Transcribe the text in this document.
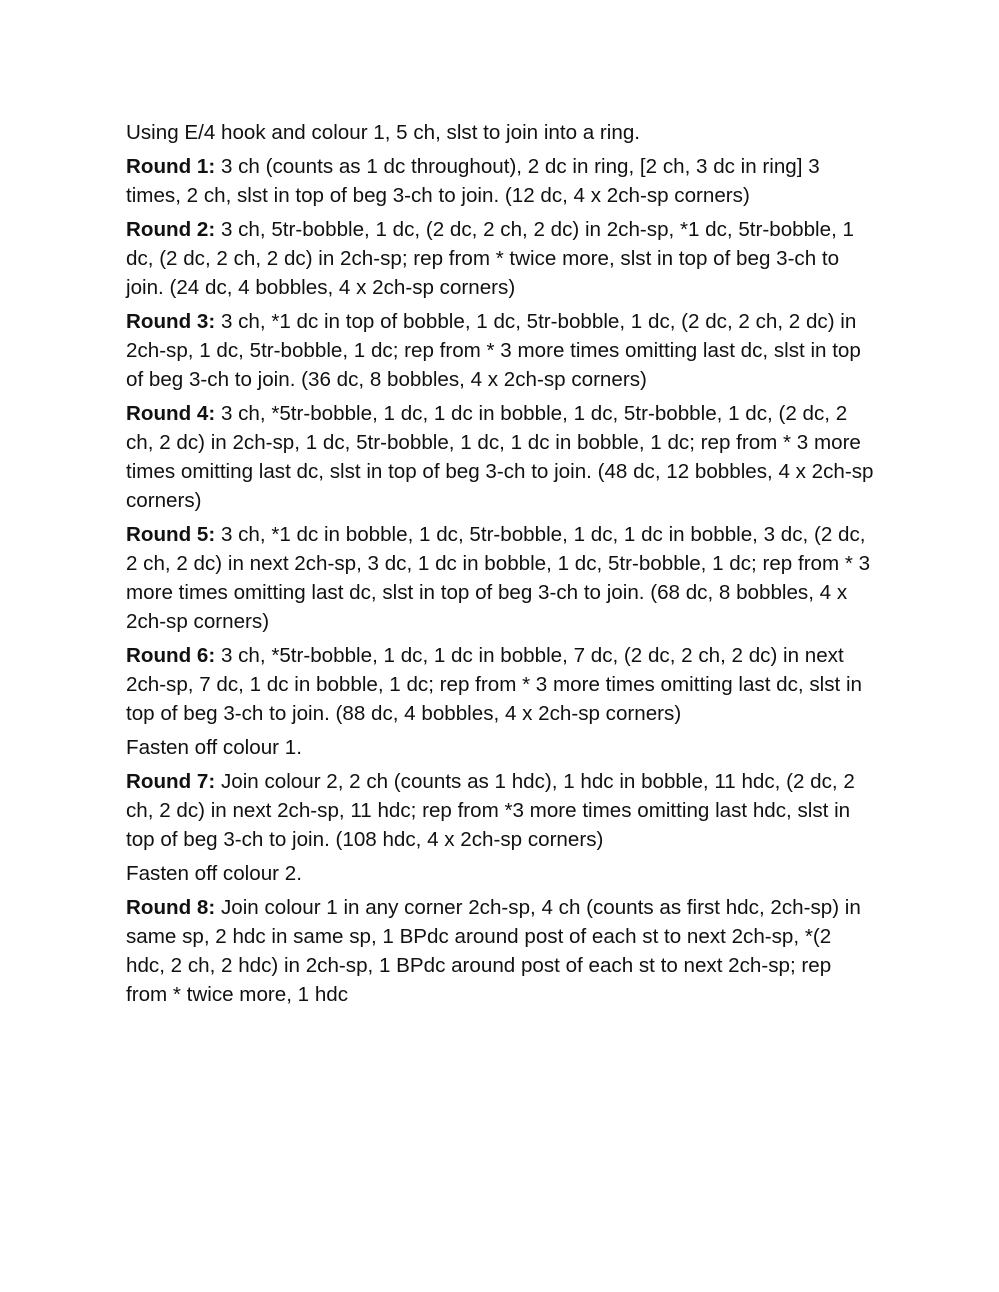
Using E/4 hook and colour 1, 5 ch, slst to join into a ring.

Round 1: 3 ch (counts as 1 dc throughout), 2 dc in ring, [2 ch, 3 dc in ring] 3 times, 2 ch, slst in top of beg 3-ch to join. (12 dc, 4 x 2ch-sp corners)

Round 2: 3 ch, 5tr-bobble, 1 dc, (2 dc, 2 ch, 2 dc) in 2ch-sp, *1 dc, 5tr-bobble, 1 dc, (2 dc, 2 ch, 2 dc) in 2ch-sp; rep from * twice more, slst in top of beg 3-ch to join. (24 dc, 4 bobbles, 4 x 2ch-sp corners)

Round 3: 3 ch, *1 dc in top of bobble, 1 dc, 5tr-bobble, 1 dc, (2 dc, 2 ch, 2 dc) in 2ch-sp, 1 dc, 5tr-bobble, 1 dc; rep from * 3 more times omitting last dc, slst in top of beg 3-ch to join. (36 dc, 8 bobbles, 4 x 2ch-sp corners)

Round 4: 3 ch, *5tr-bobble, 1 dc, 1 dc in bobble, 1 dc, 5tr-bobble, 1 dc, (2 dc, 2 ch, 2 dc) in 2ch-sp, 1 dc, 5tr-bobble, 1 dc, 1 dc in bobble, 1 dc; rep from * 3 more times omitting last dc, slst in top of beg 3-ch to join. (48 dc, 12 bobbles, 4 x 2ch-sp corners)

Round 5: 3 ch, *1 dc in bobble, 1 dc, 5tr-bobble, 1 dc, 1 dc in bobble, 3 dc, (2 dc, 2 ch, 2 dc) in next 2ch-sp, 3 dc, 1 dc in bobble, 1 dc, 5tr-bobble, 1 dc; rep from * 3 more times omitting last dc, slst in top of beg 3-ch to join. (68 dc, 8 bobbles, 4 x 2ch-sp corners)

Round 6: 3 ch, *5tr-bobble, 1 dc, 1 dc in bobble, 7 dc, (2 dc, 2 ch, 2 dc) in next 2ch-sp, 7 dc, 1 dc in bobble, 1 dc; rep from * 3 more times omitting last dc, slst in top of beg 3-ch to join. (88 dc, 4 bobbles, 4 x 2ch-sp corners)

Fasten off colour 1.

Round 7: Join colour 2, 2 ch (counts as 1 hdc), 1 hdc in bobble, 11 hdc, (2 dc, 2 ch, 2 dc) in next 2ch-sp, 11 hdc; rep from *3 more times omitting last hdc, slst in top of beg 3-ch to join. (108 hdc, 4 x 2ch-sp corners)

Fasten off colour 2.

Round 8: Join colour 1 in any corner 2ch-sp, 4 ch (counts as first hdc, 2ch-sp) in same sp, 2 hdc in same sp, 1 BPdc around post of each st to next 2ch-sp, *(2 hdc, 2 ch, 2 hdc) in 2ch-sp, 1 BPdc around post of each st to next 2ch-sp; rep from * twice more, 1 hdc
